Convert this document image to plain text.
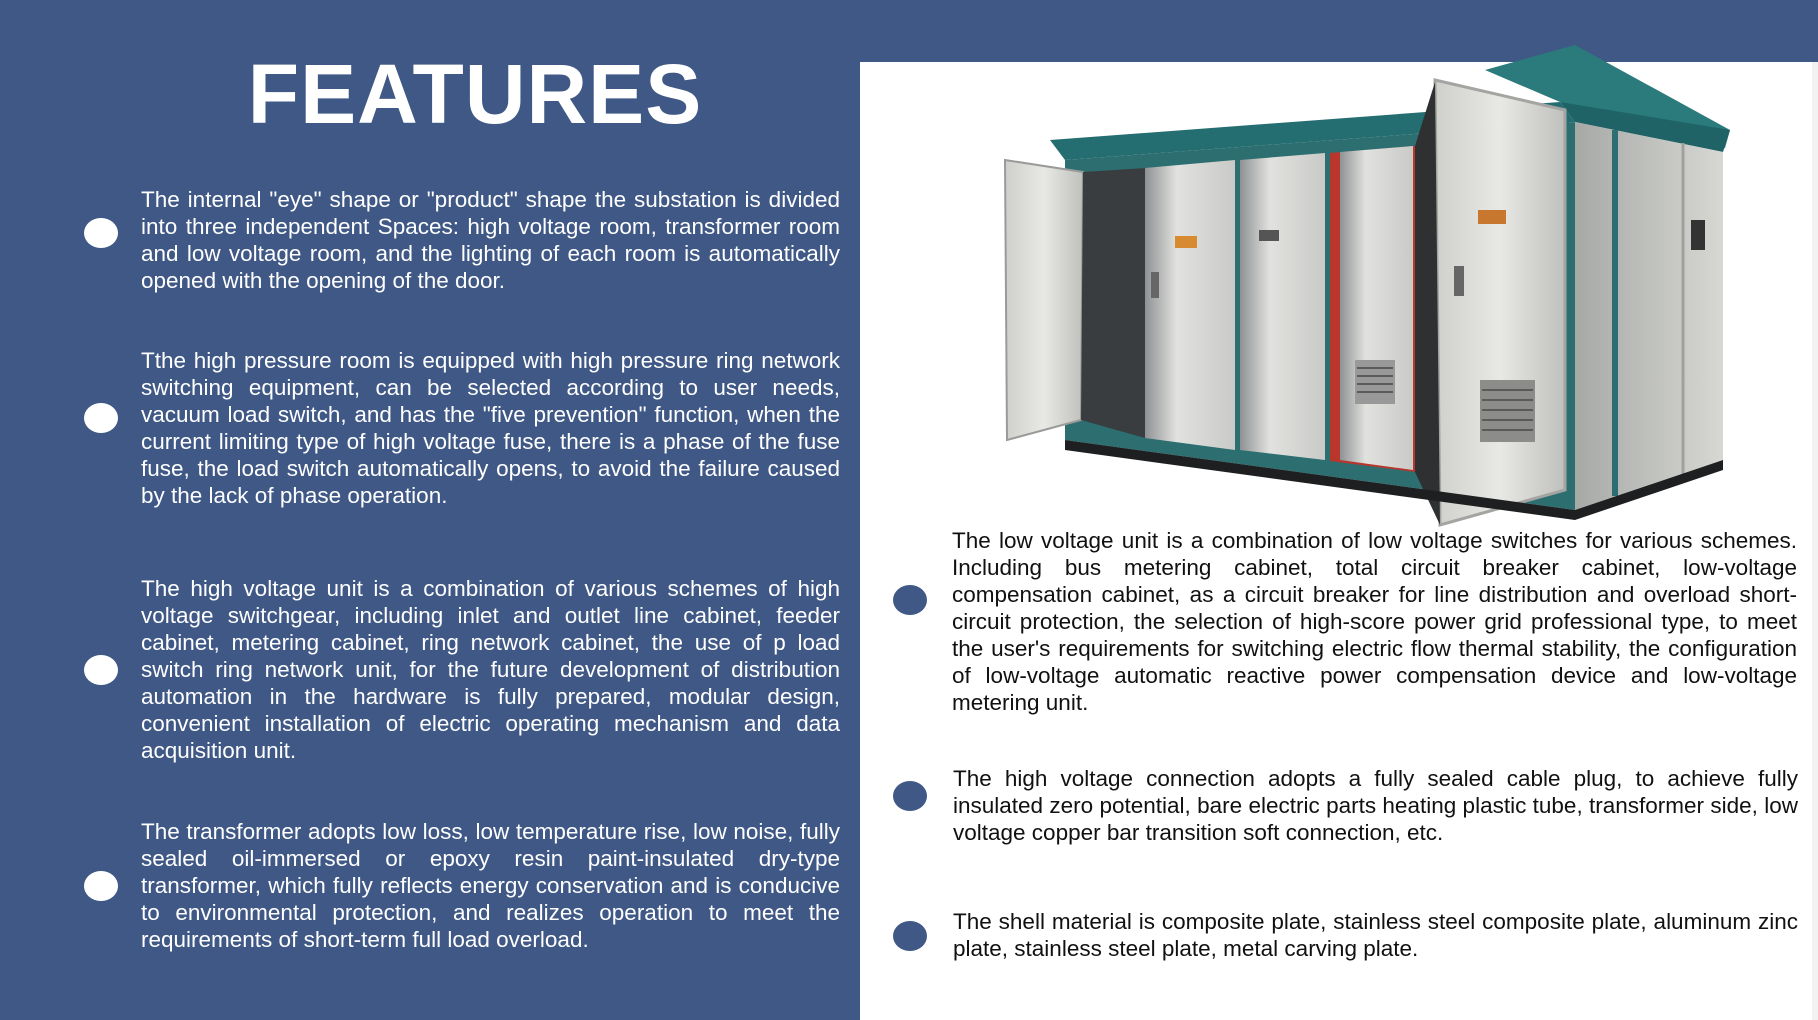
FEATURES

The internal "eye" shape or "product" shape the substation is divided into three independent Spaces: high voltage room, transformer room and low voltage room, and the lighting of each room is automatically opened with the opening of the door.

Tthe high pressure room is equipped with high pressure ring network switching equipment, can be selected according to user needs, vacuum load switch, and has the "five prevention" function, when the current limiting type of high voltage fuse, there is a phase of the fuse fuse, the load switch automatically opens, to avoid the failure caused by the lack of phase operation.

The high voltage unit is a combination of various schemes of high voltage switchgear, including inlet and outlet line cabinet, feeder cabinet, metering cabinet, ring network cabinet, the use of p load switch ring network unit, for the future development of distribution automation in the hardware is fully prepared, modular design, convenient installation of electric operating mechanism and data acquisition unit.

The transformer adopts low loss, low temperature rise, low noise, fully sealed oil-immersed or epoxy resin paint-insulated dry-type transformer, which fully reflects energy conservation and is conducive to environmental protection, and realizes operation to meet the requirements of short-term full load overload.

The low voltage unit is a combination of low voltage switches for various schemes. Including bus metering cabinet, total circuit breaker cabinet, low-voltage compensation cabinet, as a circuit breaker for line distribution and overload short-circuit protection, the selection of high-score power grid professional type, to meet the user's requirements for switching electric flow thermal stability, the configuration of low-voltage automatic reactive power compensation device and low-voltage metering unit.

The high voltage connection adopts a fully sealed cable plug, to achieve fully insulated zero potential, bare electric parts heating plastic tube, transformer side, low voltage copper bar transition soft connection, etc.

The shell material is composite plate, stainless steel composite plate, aluminum zinc plate, stainless steel plate, metal carving plate.
